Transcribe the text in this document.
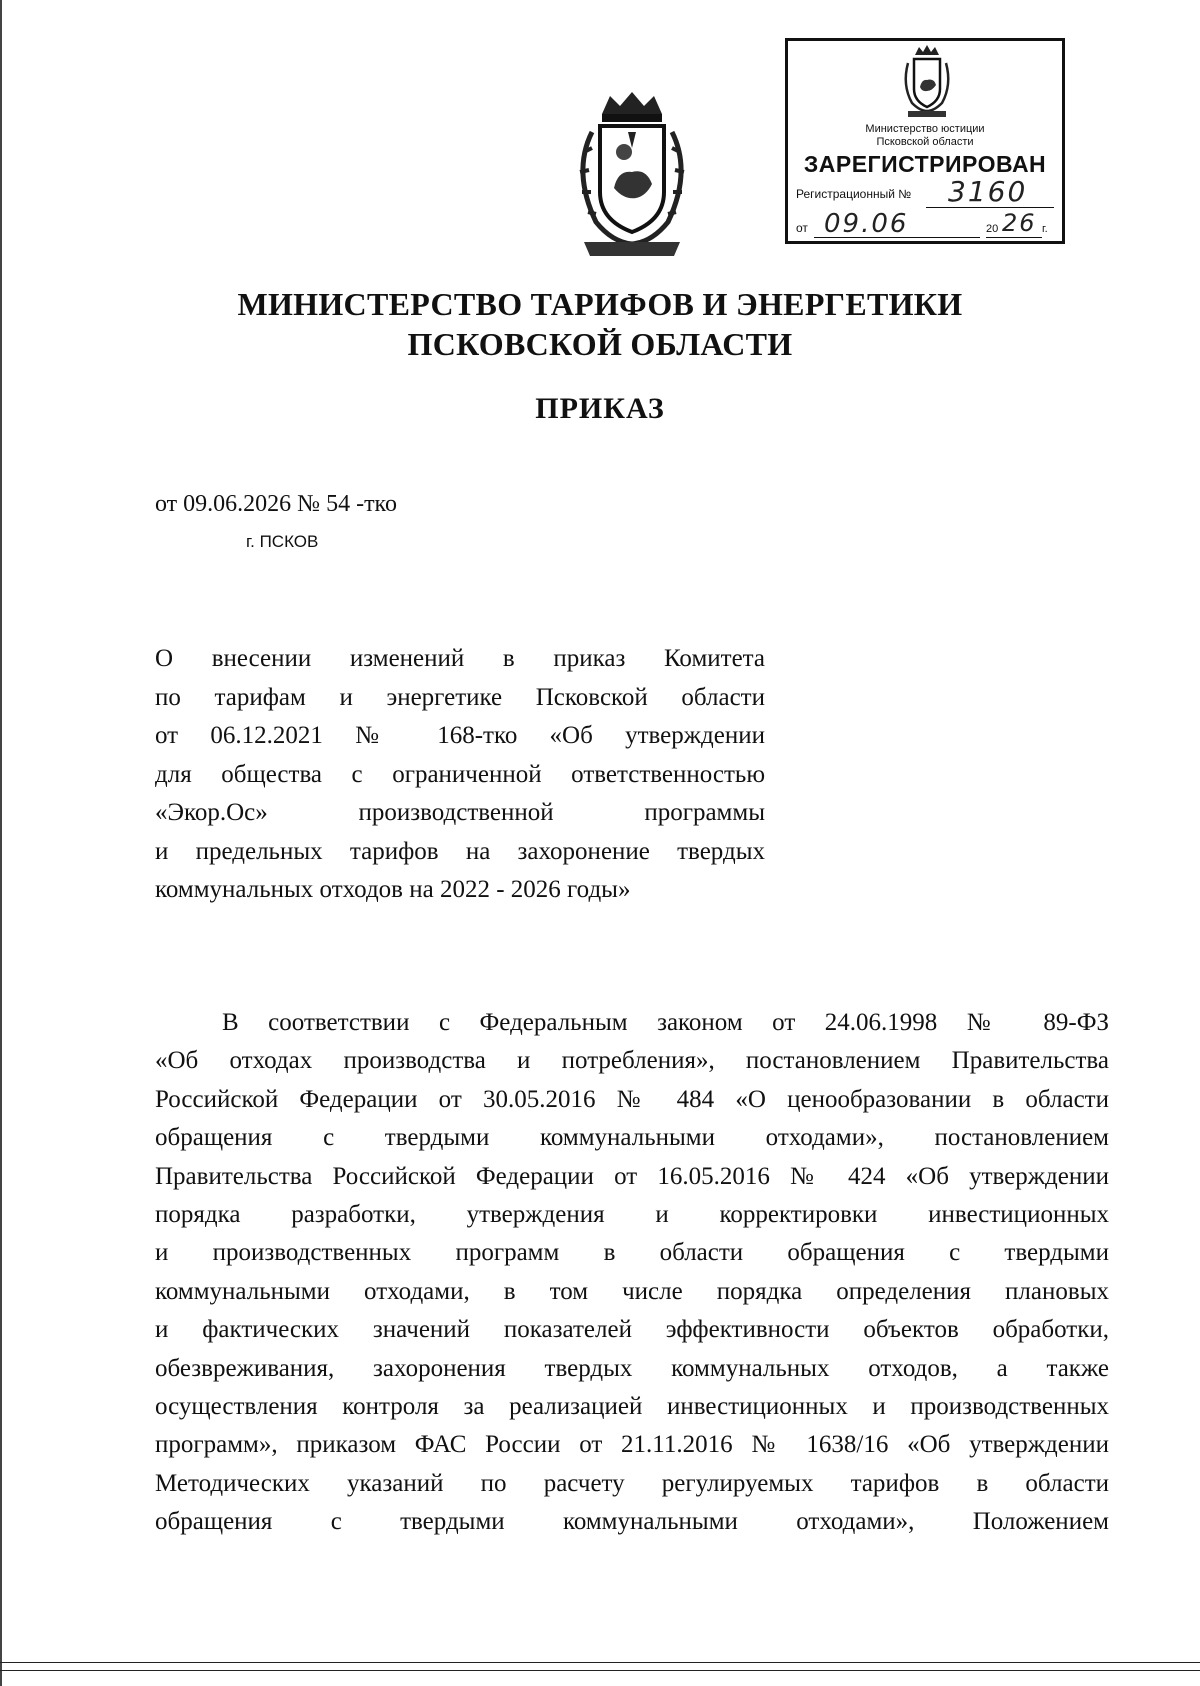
Министерство юстиции
Псковской области
ЗАРЕГИСТРИРОВАН
Регистрационный № 3160
от 09.06	20 26 г.
МИНИСТЕРСТВО ТАРИФОВ И ЭНЕРГЕТИКИ
ПСКОВСКОЙ ОБЛАСТИ
ПРИКАЗ
от 09.06.2026 № 54 -тко
г. ПСКОВ
О внесении изменений в приказ Комитета
по тарифам и энергетике Псковской области
от 06.12.2021 № 168-тко «Об утверждении
для общества с ограниченной ответственностью
«Экор.Ос» производственной программы
и предельных тарифов на захоронение твердых
коммунальных отходов на 2022 - 2026 годы»
В соответствии с Федеральным законом от 24.06.1998 № 89-ФЗ
«Об отходах производства и потребления», постановлением Правительства
Российской Федерации от 30.05.2016 № 484 «О ценообразовании в области
обращения с твердыми коммунальными отходами», постановлением
Правительства Российской Федерации от 16.05.2016 № 424 «Об утверждении
порядка разработки, утверждения и корректировки инвестиционных
и производственных программ в области обращения с твердыми
коммунальными отходами, в том числе порядка определения плановых
и фактических значений показателей эффективности объектов обработки,
обезвреживания, захоронения твердых коммунальных отходов, а также
осуществления контроля за реализацией инвестиционных и производственных
программ», приказом ФАС России от 21.11.2016 № 1638/16 «Об утверждении
Методических указаний по расчету регулируемых тарифов в области
обращения с твердыми коммунальными отходами», Положением
